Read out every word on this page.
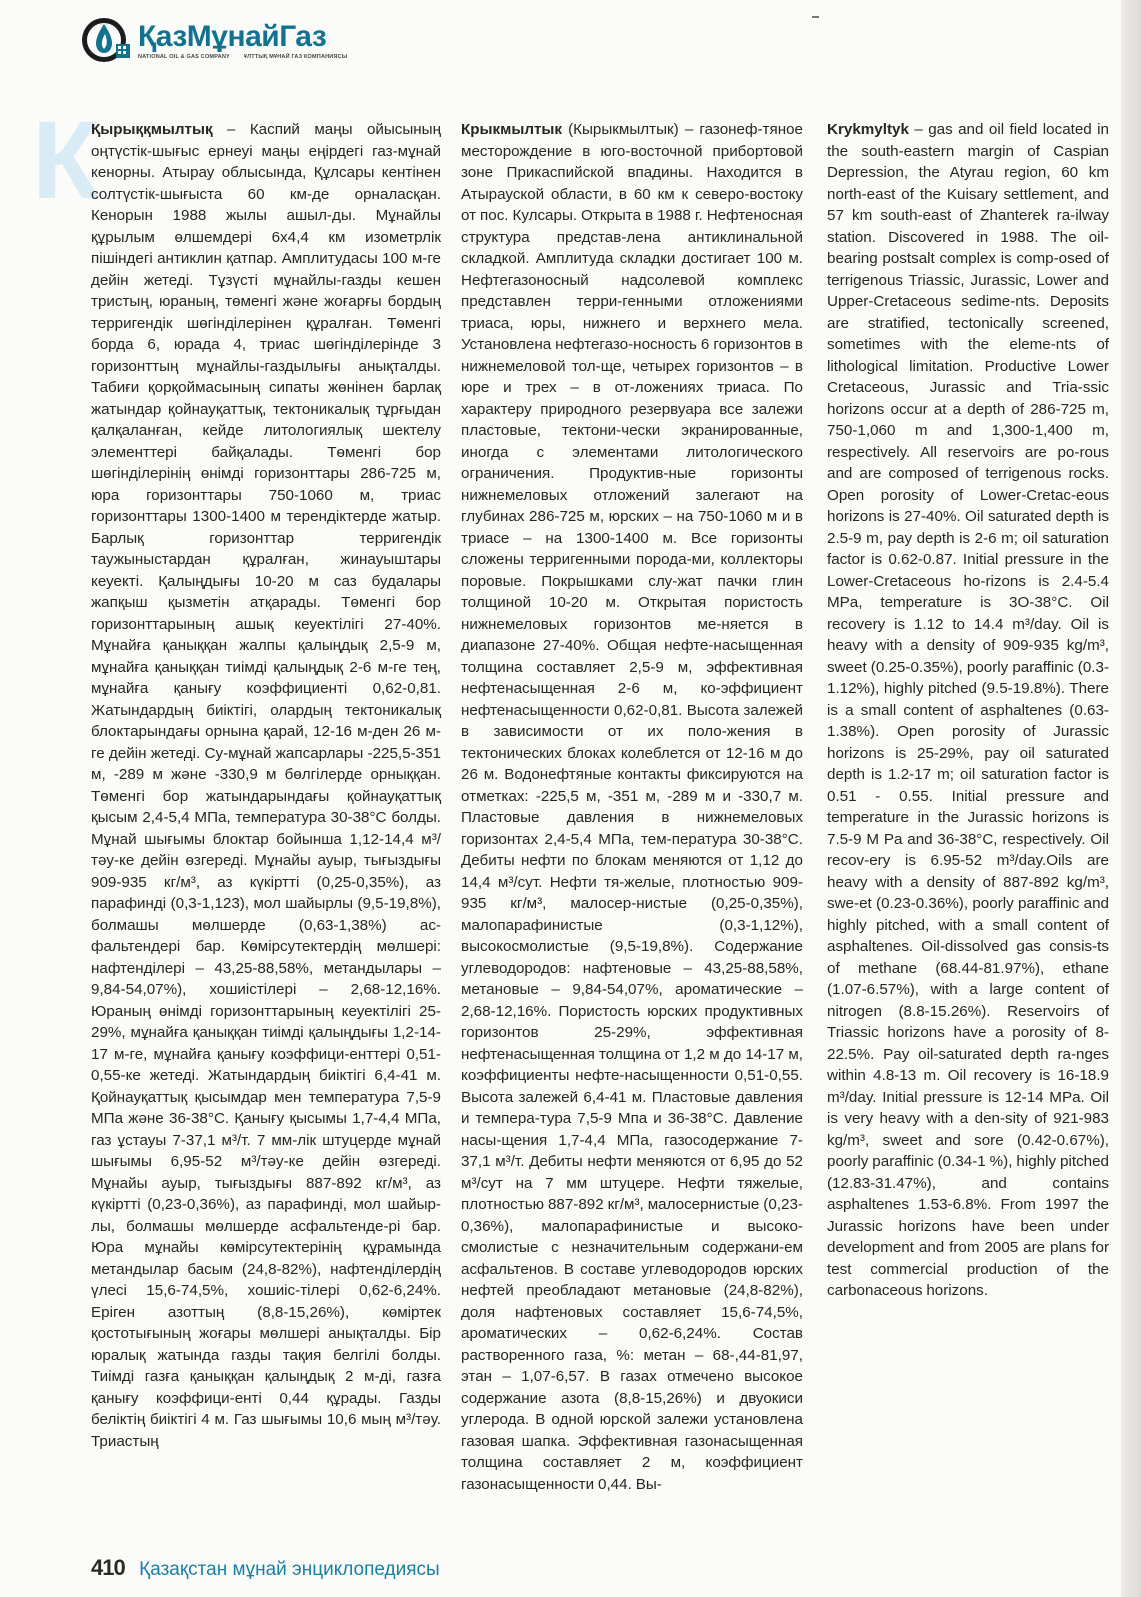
ҚазМұнайГаз
NATIONAL OIL & GAS COMPANY	ҰЛТТЫҚ МҰНАЙ ГАЗ КОМПАНИЯСЫ
К

Қырыққмылтық – Каспий маңы ойысының оңтүстік-шығыс ернеуі маңы еңірдегі газ-мұнай кенорны. Атырау облысында, Құлсары кентінен солтүстік-шығыста 60 км-де орналасқан. Кенорын 1988 жылы ашыл-ды. Мұнайлы құрылым өлшемдері 6х4,4 км изометрлік пішіндегі антиклин қатпар. Амплитудасы 100 м-ге дейін жетеді. Тұзүсті мұнайлы-газды кешен тристың, юраның, төменгі және жоғарғы бордың терригендік шөгінділерінен құралған. Төменгі борда 6, юрада 4, триас шөгінділерінде 3 горизонттың мұнайлы-газдылығы анықталды. Табиғи қорқоймасының сипаты жөнінен барлақ жатындар қойнауқаттық, тектоникалық тұрғыдан қалқаланған, кейде литологиялық шектелу элементтері байқалады. Төменгі бор шөгінділерінің өнімді горизонттары 286-725 м, юра горизонттары 750-1060 м, триас горизонттары 1300-1400 м терендіктерде жатыр. Барлық горизонттар терригендік таужыныстардан құралған, жинауыштары кеуекті. Қалыңдығы 10-20 м саз будалары жапқыш қызметін атқарады. Төменгі бор горизонттарының ашық кеуектілігі 27-40%. Мұнайға қаныққан жалпы қалыңдық 2,5-9 м, мұнайға қаныққан тиімді қалыңдық 2-6 м-ге тең, мұнайға қанығу коэффициенті 0,62-0,81. Жатындардың биіктігі, олардың тектоникалық блоктарындағы орнына қарай, 12-16 м-ден 26 м-ге дейін жетеді. Су-мұнай жапсарлары -225,5-351 м, -289 м және -330,9 м бөлгілерде орныққан. Төменгі бор жатындарындағы қойнауқаттық қысым 2,4-5,4 МПа, температура 30-38°С болды. Мұнай шығымы блоктар бойынша 1,12-14,4 м³/тәу-ке дейін өзгереді. Мұнайы ауыр, тығыздығы 909-935 кг/м³, аз күкіртті (0,25-0,35%), аз парафинді (0,3-1,123), мол шайырлы (9,5-19,8%), болмашы мөлшерде (0,63-1,38%) ас-фальтендері бар. Көмірсутектердің мөлшері: нафтенділері – 43,25-88,58%, метандылары – 9,84-54,07%), хошиістілері – 2,68-12,16%. Юраның өнімді горизонттарының кеуектілігі 25-29%, мұнайға қаныққан тиімді қалыңдығы 1,2-14-17 м-ге, мұнайға қанығу коэффици-енттері 0,51-0,55-ке жетеді. Жатындардың биіктігі 6,4-41 м. Қойнауқаттық қысымдар мен температура 7,5-9 МПа және 36-38°С. Қанығу қысымы 1,7-4,4 МПа, газ ұстауы 7-37,1 м³/т. 7 мм-лік штуцерде мұнай шығымы 6,95-52 м³/тәу-ке дейін өзгереді. Мұнайы ауыр, тығыздығы 887-892 кг/м³, аз күкіртті (0,23-0,36%), аз парафинді, мол шайыр-лы, болмашы мөлшерде асфальтенде-рі бар. Юра мұнайы көмірсутектерінің құрамында метандылар басым (24,8-82%), нафтенділердің үлесі 15,6-74,5%, хошиіс-тілері 0,62-6,24%. Еріген азоттың (8,8-15,26%), көміртек қостотығының жоғары мөлшері анықталды. Бір юралық жатында газды тақия белгілі болды. Тиімді газға қаныққан қалыңдық 2 м-ді, газға қанығу коэффици-енті 0,44 құрады. Газды беліктің биіктігі 4 м. Газ шығымы 10,6 мың м³/тәу. Триастың

Крыкмылтык (Кырыкмылтык) – газонеф-тяное месторождение в юго-восточной прибортовой зоне Прикаспийской впадины. Находится в Атырауской области, в 60 км к северо-востоку от пос. Кулсары. Открыта в 1988 г. Нефтеносная структура представ-лена антиклинальной складкой. Амплитуда складки достигает 100 м. Нефтегазоносный надсолевой комплекс представлен терри-генными отложениями триаса, юры, нижнего и верхнего мела. Установлена нефтегазо-носность 6 горизонтов в нижнемеловой тол-ще, четырех горизонтов – в юре и трех – в от-ложениях триаса. По характеру природного резервуара все залежи пластовые, тектони-чески экранированные, иногда с элементами литологического ограничения. Продуктив-ные горизонты нижнемеловых отложений залегают на глубинах 286-725 м, юрских – на 750-1060 м и в триасе – на 1300-1400 м. Все горизонты сложены терригенными порода-ми, коллекторы поровые. Покрышками слу-жат пачки глин толщиной 10-20 м. Открытая пористость нижнемеловых горизонтов ме-няется в диапазоне 27-40%. Общая нефте-насыщенная толщина составляет 2,5-9 м, эффективная нефтенасыщенная 2-6 м, ко-эффициент нефтенасыщенности 0,62-0,81. Высота залежей в зависимости от их поло-жения в тектонических блоках колеблется от 12-16 м до 26 м. Водонефтяные контакты фиксируются на отметках: -225,5 м, -351 м, -289 м и -330,7 м. Пластовые давления в нижнемеловых горизонтах 2,4-5,4 МПа, тем-пература 30-38°С. Дебиты нефти по блокам меняются от 1,12 до 14,4 м³/сут. Нефти тя-желые, плотностью 909-935 кг/м³, малосер-нистые (0,25-0,35%), малопарафинистые (0,3-1,12%), высокосмолистые (9,5-19,8%). Содержание углеводородов: нафтеновые – 43,25-88,58%, метановые – 9,84-54,07%, ароматические – 2,68-12,16%. Пористость юрских продуктивных горизонтов 25-29%, эффективная нефтенасыщенная толщина от 1,2 м до 14-17 м, коэффициенты нефте-насыщенности 0,51-0,55. Высота залежей 6,4-41 м. Пластовые давления и темпера-тура 7,5-9 Мпа и 36-38°С. Давление насы-щения 1,7-4,4 МПа, газосодержание 7-37,1 м³/т. Дебиты нефти меняются от 6,95 до 52 м³/сут на 7 мм штуцере. Нефти тяжелые, плотностью 887-892 кг/м³, малосернистые (0,23-0,36%), малопарафинистые и высоко-смолистые с незначительным содержани-ем асфальтенов. В составе углеводородов юрских нефтей преобладают метановые (24,8-82%), доля нафтеновых составляет 15,6-74,5%, ароматических – 0,62-6,24%. Состав растворенного газа, %: метан – 68-,44-81,97, этан – 1,07-6,57. В газах отмечено высокое содержание азота (8,8-15,26%) и двуокиси углерода. В одной юрской залежи установлена газовая шапка. Эффективная газонасыщенная толщина составляет 2 м, коэффициент газонасыщенности 0,44. Вы-

Krykmyltyk – gas and oil field located in the south-eastern margin of Caspian Depression, the Atyrau region, 60 km north-east of the Kuisary settlement, and 57 km south-east of Zhanterek ra-ilway station. Discovered in 1988. The oil-bearing postsalt complex is comp-osed of terrigenous Triassic, Jurassic, Lower and Upper-Cretaceous sedime-nts. Deposits are stratified, tectonically screened, sometimes with the eleme-nts of lithological limitation. Productive Lower Cretaceous, Jurassic and Tria-ssic horizons occur at a depth of 286-725 m, 750-1,060 m and 1,300-1,400 m, respectively. All reservoirs are po-rous and are composed of terrigenous rocks. Open porosity of Lower-Cretac-eous horizons is 27-40%. Oil saturated depth is 2.5-9 m, pay depth is 2-6 m; oil saturation factor is 0.62-0.87. Initial pressure in the Lower-Cretaceous ho-rizons is 2.4-5.4 MPa, temperature is 3O-38°C. Oil recovery is 1.12 to 14.4 m³/day. Oil is heavy with a density of 909-935 kg/m³, sweet (0.25-0.35%), poorly paraffinic (0.3-1.12%), highly pitched (9.5-19.8%). There is a small content of asphaltenes (0.63-1.38%). Open porosity of Jurassic horizons is 25-29%, pay oil saturated depth is 1.2-17 m; oil saturation factor is 0.51 - 0.55. Initial pressure and temperature in the Jurassic horizons is 7.5-9 M Pa and 36-38°C, respectively. Oil recov-ery is 6.95-52 m³/day.Oils are heavy with a density of 887-892 kg/m³, swe-et (0.23-0.36%), poorly paraffinic and highly pitched, with a small content of asphaltenes. Oil-dissolved gas consis-ts of methane (68.44-81.97%), ethane (1.07-6.57%), with a large content of nitrogen (8.8-15.26%). Reservoirs of Triassic horizons have a porosity of 8-22.5%. Pay oil-saturated depth ra-nges within 4.8-13 m. Oil recovery is 16-18.9 m³/day. Initial pressure is 12-14 MPa. Oil is very heavy with a den-sity of 921-983 kg/m³, sweet and sore (0.42-0.67%), poorly paraffinic (0.34-1 %), highly pitched (12.83-31.47%), and contains asphaltenes 1.53-6.8%. From 1997 the Jurassic horizons have been under development and from 2005 are plans for test commercial production of the carbonaceous horizons.

410 Қазақстан мұнай энциклопедиясы
